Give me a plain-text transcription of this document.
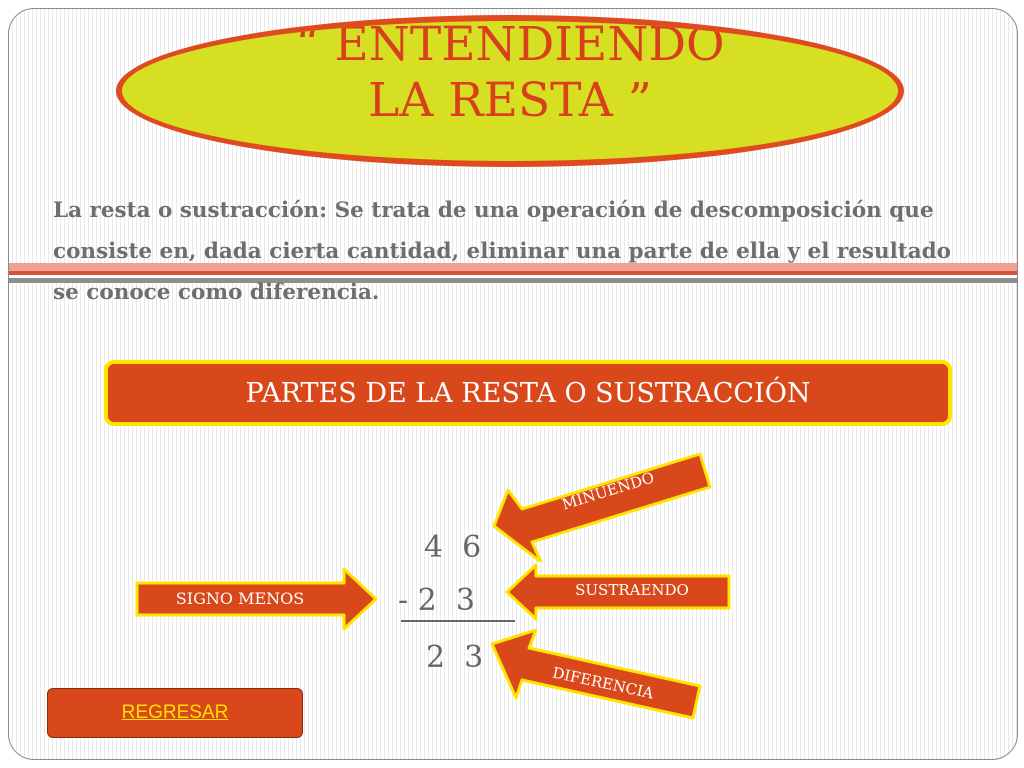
“ ENTENDIENDO
LA RESTA ”

La resta o sustracción: Se trata de una operación de descomposición que consiste en, dada cierta cantidad, eliminar una parte de ella y el resultado se conoce como diferencia.

PARTES DE LA RESTA O SUSTRACCIÓN
MINUENDO
SUSTRAENDO
DIFERENCIA
SIGNO MENOS
4  6
- 2  3
2  3
REGRESAR
